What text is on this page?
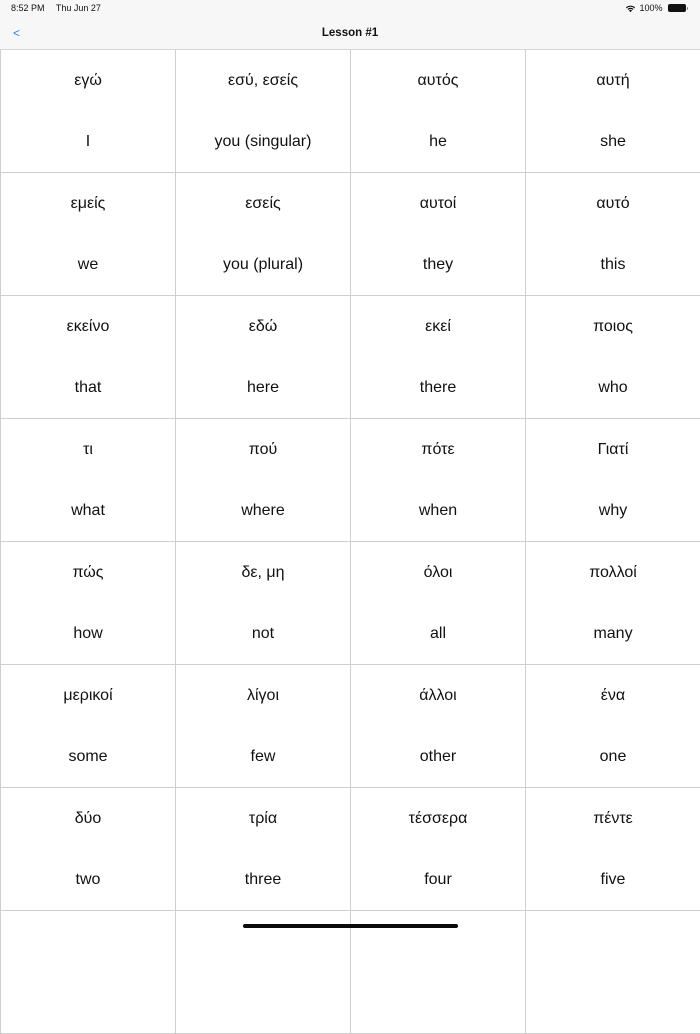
8:52 PM Thu Jun 27	100%
<	Lesson #1
εγώ
I
εσύ, εσείς
you (singular)
αυτός
he
αυτή
she
εμείς
we
εσείς
you (plural)
αυτοί
they
αυτό
this
εκείνο
that
εδώ
here
εκεί
there
ποιος
who
τι
what
πού
where
πότε
when
Γιατί
why
πώς
how
δε, μη
not
όλοι
all
πολλοί
many
μερικοί
some
λίγοι
few
άλλοι
other
ένα
one
δύο
two
τρία
three
τέσσερα
four
πέντε
five
